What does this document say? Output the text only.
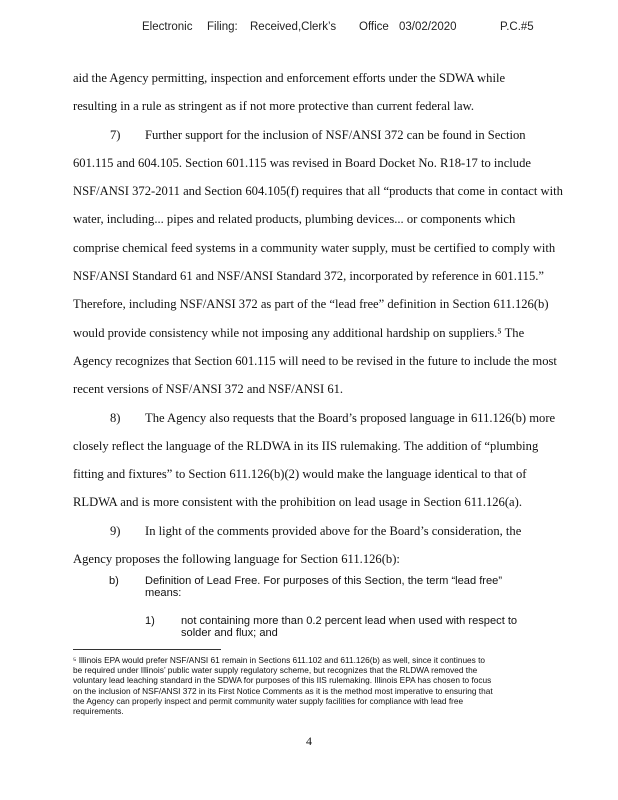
Electronic Filing: Received,Clerk’s Office 03/02/2020	P.C.#5
aid the Agency permitting, inspection and enforcement efforts under the SDWA while
resulting in a rule as stringent as if not more protective than current federal law.
7) Further support for the inclusion of NSF/ANSI 372 can be found in Section
601.115 and 604.105. Section 601.115 was revised in Board Docket No. R18-17 to include
NSF/ANSI 372-2011 and Section 604.105(f) requires that all “products that come in contact with
water, including... pipes and related products, plumbing devices... or components which
comprise chemical feed systems in a community water supply, must be certified to comply with
NSF/ANSI Standard 61 and NSF/ANSI Standard 372, incorporated by reference in 601.115.”
Therefore, including NSF/ANSI 372 as part of the “lead free” definition in Section 611.126(b)
would provide consistency while not imposing any additional hardship on suppliers.⁵ The
Agency recognizes that Section 601.115 will need to be revised in the future to include the most
recent versions of NSF/ANSI 372 and NSF/ANSI 61.
8) The Agency also requests that the Board’s proposed language in 611.126(b) more
closely reflect the language of the RLDWA in its IIS rulemaking. The addition of “plumbing
fitting and fixtures” to Section 611.126(b)(2) would make the language identical to that of
RLDWA and is more consistent with the prohibition on lead usage in Section 611.126(a).
9) In light of the comments provided above for the Board’s consideration, the
Agency proposes the following language for Section 611.126(b):
b) Definition of Lead Free. For purposes of this Section, the term “lead free”
means:
1) not containing more than 0.2 percent lead when used with respect to
solder and flux; and
⁵ Illinois EPA would prefer NSF/ANSI 61 remain in Sections 611.102 and 611.126(b) as well, since it continues to
be required under Illinois’ public water supply regulatory scheme, but recognizes that the RLDWA removed the
voluntary lead leaching standard in the SDWA for purposes of this IIS rulemaking. Illinois EPA has chosen to focus
on the inclusion of NSF/ANSI 372 in its First Notice Comments as it is the method most imperative to ensuring that
the Agency can properly inspect and permit community water supply facilities for compliance with lead free
requirements.
4
